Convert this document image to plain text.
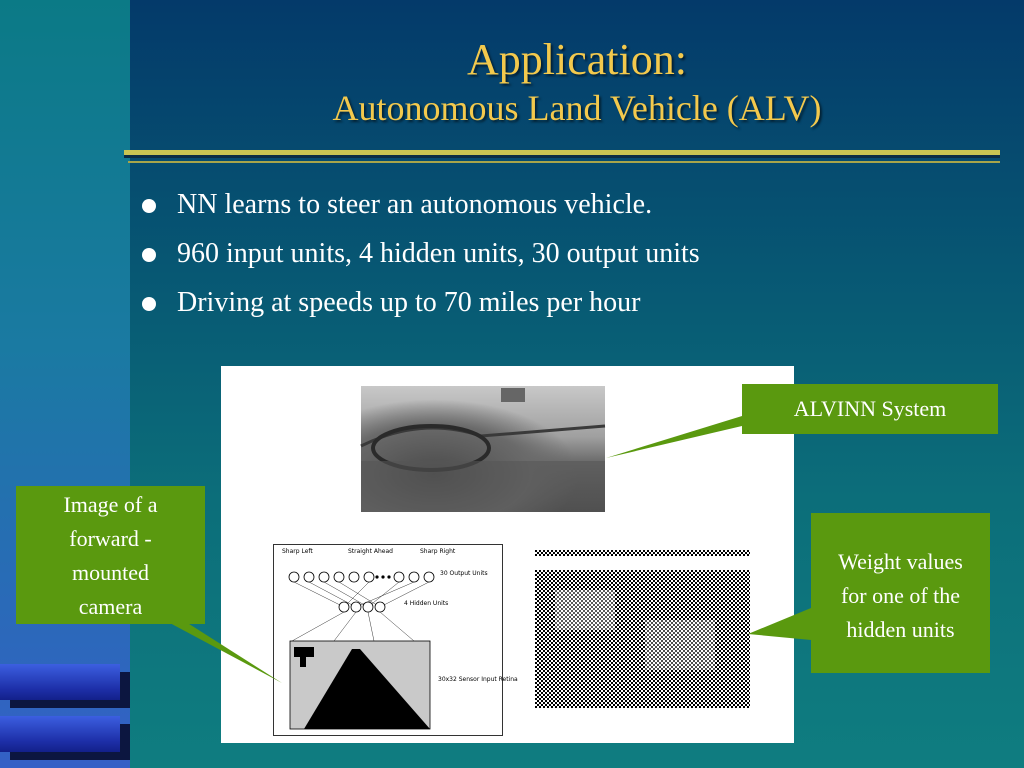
Application:
Autonomous Land Vehicle (ALV)
NN learns to steer an autonomous vehicle.
960 input units, 4 hidden units, 30 output units
Driving at speeds up to 70 miles per hour
Sharp Left	Straight Ahead	Sharp Right
30 Output Units
4 Hidden Units
30x32 Sensor Input Retina
ALVINN System
Image of a
forward -
mounted
camera
Weight values
for one of the
hidden units
